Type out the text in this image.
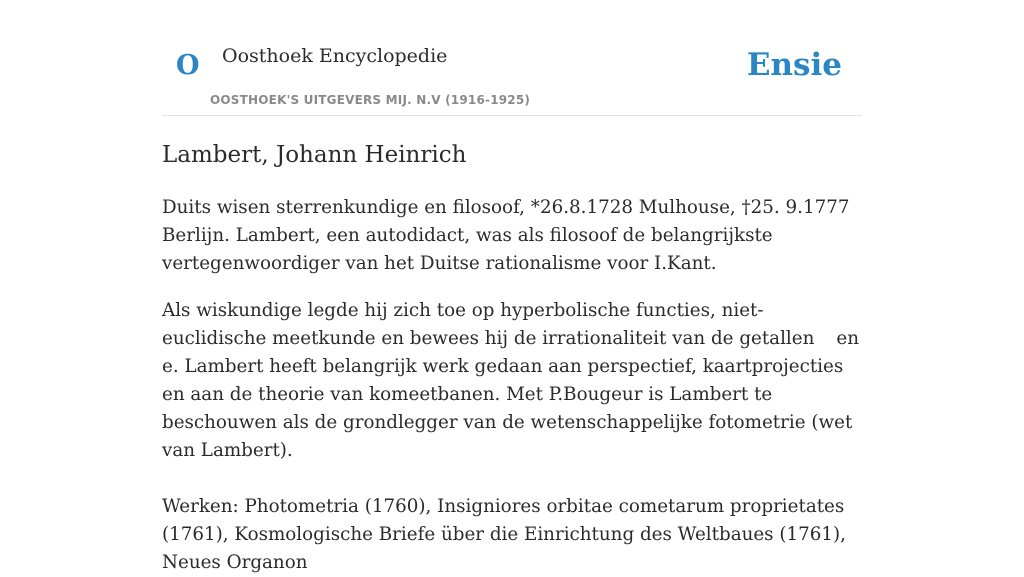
O Oosthoek Encyclopedie
OOSTHOEK'S UITGEVERS MIJ. N.V (1916-1925)
Ensie
Lambert, Johann Heinrich

Duits wisen sterrenkundige en filosoof, *26.8.1728 Mulhouse, †25. 9.1777 Berlijn. Lambert, een autodidact, was als filosoof de belangrijkste vertegenwoordiger van het Duitse rationalisme voor I.Kant.

Als wiskundige legde hij zich toe op hyperbolische functies, niet-euclidische meetkunde en bewees hij de irrationaliteit van de getallen en e. Lambert heeft belangrijk werk gedaan aan perspectief, kaartprojecties en aan de theorie van komeetbanen. Met P.Bougeur is Lambert te beschouwen als de grondlegger van de wetenschappelijke fotometrie (wet van Lambert).

Werken: Photometria (1760), Insigniores orbitae cometarum proprietates (1761), Kosmologische Briefe über die Einrichtung des Weltbaues (1761), Neues Organon
